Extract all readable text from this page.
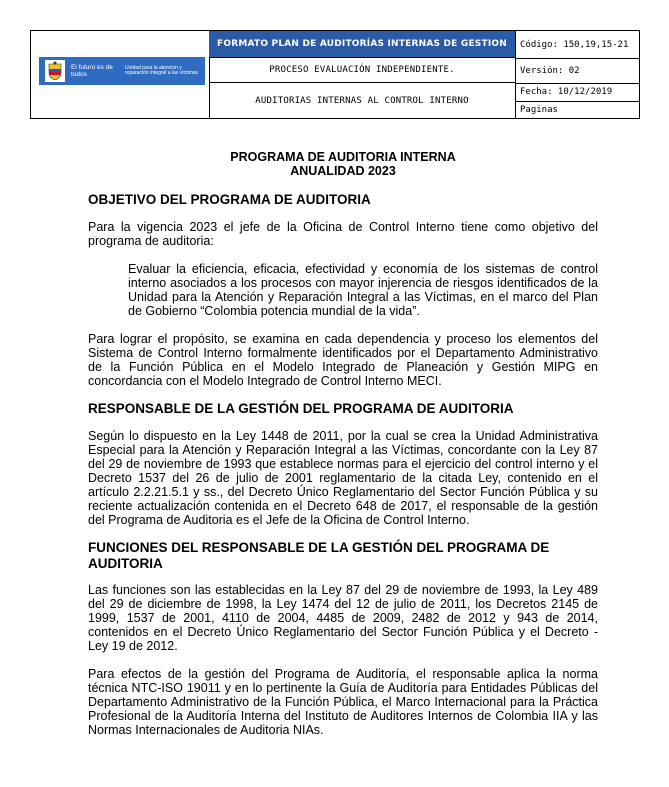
El futuro es de todos
Unidad para la atención y reparación integral a las víctimas
FORMATO PLAN DE AUDITORÍAS INTERNAS DE GESTION
PROCESO EVALUACIÓN INDEPENDIENTE.
AUDITORIAS INTERNAS AL CONTROL INTERNO
Código: 150,19,15-21
Versión: 02
Fecha: 10/12/2019
Paginas
PROGRAMA DE AUDITORIA INTERNA
ANUALIDAD 2023
OBJETIVO DEL PROGRAMA DE AUDITORIA

Para la vigencia 2023 el jefe de la Oficina de Control Interno tiene como objetivo del programa de auditoria:

Evaluar la eficiencia, eficacia, efectividad y economía de los sistemas de control interno asociados a los procesos con mayor injerencia de riesgos identificados de la Unidad para la Atención y Reparación Integral a las Víctimas, en el marco del Plan de Gobierno “Colombia potencia mundial de la vida”.

Para lograr el propósito, se examina en cada dependencia y proceso los elementos del Sistema de Control Interno formalmente identificados por el Departamento Administrativo de la Función Pública en el Modelo Integrado de Planeación y Gestión MIPG en concordancia con el Modelo Integrado de Control Interno MECI.

RESPONSABLE DE LA GESTIÓN DEL PROGRAMA DE AUDITORIA

Según lo dispuesto en la Ley 1448 de 2011, por la cual se crea la Unidad Administrativa Especial para la Atención y Reparación Integral a las Víctimas, concordante con la Ley 87 del 29 de noviembre de 1993 que establece normas para el ejercicio del control interno y el Decreto 1537 del 26 de julio de 2001 reglamentario de la citada Ley, contenido en el artículo 2.2.21.5.1 y ss., del Decreto Único Reglamentario del Sector Función Pública y su reciente actualización contenida en el Decreto 648 de 2017, el responsable de la gestión del Programa de Auditoria es el Jefe de la Oficina de Control Interno.

FUNCIONES DEL RESPONSABLE DE LA GESTIÓN DEL PROGRAMA DE AUDITORIA

Las funciones son las establecidas en la Ley 87 del 29 de noviembre de 1993, la Ley 489 del 29 de diciembre de 1998, la Ley 1474 del 12 de julio de 2011, los Decretos 2145 de 1999, 1537 de 2001, 4110 de 2004, 4485 de 2009, 2482 de 2012 y 943 de 2014, contenidos en el Decreto Único Reglamentario del Sector Función Pública y el Decreto - Ley 19 de 2012.

Para efectos de la gestión del Programa de Auditoría, el responsable aplica la norma técnica NTC-ISO 19011 y en lo pertinente la Guía de Auditoría para Entidades Públicas del Departamento Administrativo de la Función Pública, el Marco Internacional para la Práctica Profesional de la Auditoría Interna del Instituto de Auditores Internos de Colombia IIA y las Normas Internacionales de Auditoria NIAs.
